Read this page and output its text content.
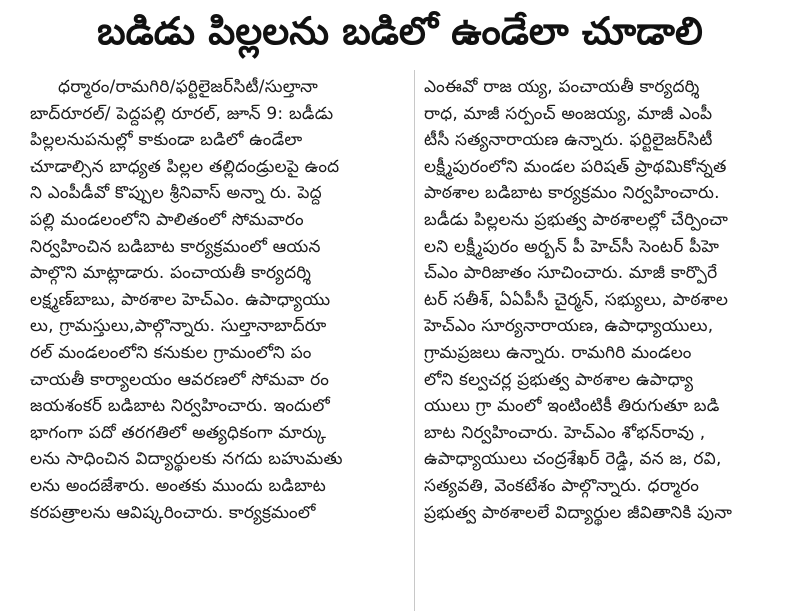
బడిడు పిల్లలను బడిలో ఉండేలా చూడాలి
ధర్మారం/రామగిరి/ఫర్టిలైజర్‌సిటీ/సుల్తానా
బాద్‌రూరల్/ పెద్దపల్లి రూరల్, జూన్ 9: బడీడు
పిల్లలనుపనుల్లో కాకుండా బడిలో ఉండేలా
చూడాల్సిన బాధ్యత పిల్లల తల్లిదండ్రులపై ఉంద
ని ఎంపీడీవో కొప్పుల శ్రీనివాస్ అన్నా రు. పెద్ద
పల్లి మండలంలోని పాలితంలో సోమవారం
నిర్వహించిన బడిబాట కార్యక్రమంలో ఆయన
పాల్గొని మాట్లాడారు. పంచాయతీ కార్యదర్శి
లక్ష్మణ్‌బాబు, పాఠశాల హెచ్‌ఎం. ఉపాధ్యాయు
లు, గ్రామస్తులు,పాల్గొన్నారు. సుల్తానాబాద్‌రూ
రల్ మండలంలోని కనుకుల గ్రామంలోని పం
చాయతీ కార్యాలయం ఆవరణలో సోమవా రం
జయశంకర్ బడిబాట నిర్వహించారు. ఇందులో
భాగంగా పదో తరగతిలో అత్యధికంగా మార్కు
లను సాధించిన విద్యార్థులకు నగదు బహుమతు
లను అందజేశారు. అంతకు ముందు బడిబాట
కరపత్రాలను ఆవిష్కరించారు. కార్యక్రమంలో
ఎంఈవో రాజ య్య, పంచాయతీ కార్యదర్శి
రాధ, మాజీ సర్పంచ్ అంజయ్య, మాజీ ఎంపీ
టీసీ సత్యనారాయణ ఉన్నారు. ఫర్టిలైజర్‌సిటీ
లక్ష్మీపురంలోని మండల పరిషత్ ప్రాథమికోన్నత
పాఠశాల బడిబాట కార్యక్రమం నిర్వహించారు.
బడీడు పిల్లలను ప్రభుత్వ పాఠశాలల్లో చేర్పించా
లని లక్ష్మీపురం అర్బన్ పీ హెచ్‌సీ సెంటర్ పీహె
చ్ఎం పారిజాతం సూచించారు. మాజీ కార్పొరే
టర్ సతీశ్, ఏఏపీసీ చైర్మన్, సభ్యులు, పాఠశాల
హెచ్‌ఎం సూర్యనారాయణ, ఉపాధ్యాయులు,
గ్రామప్రజలు ఉన్నారు. రామగిరి మండలం
లోని కల్వచర్ల ప్రభుత్వ పాఠశాల ఉపాధ్యా
యులు గ్రా మంలో ఇంటింటికీ తిరుగుతూ బడి
బాట నిర్వహించారు. హెచ్ఎం శోభన్‌రావు ,
ఉపాధ్యాయులు చంద్రశేఖర్ రెడ్డి, వన జ, రవి,
సత్యవతి, వెంకటేశం పాల్గొన్నారు. ధర్మారం
ప్రభుత్వ పాఠశాలలే విద్యార్థుల జీవితానికి పునా
